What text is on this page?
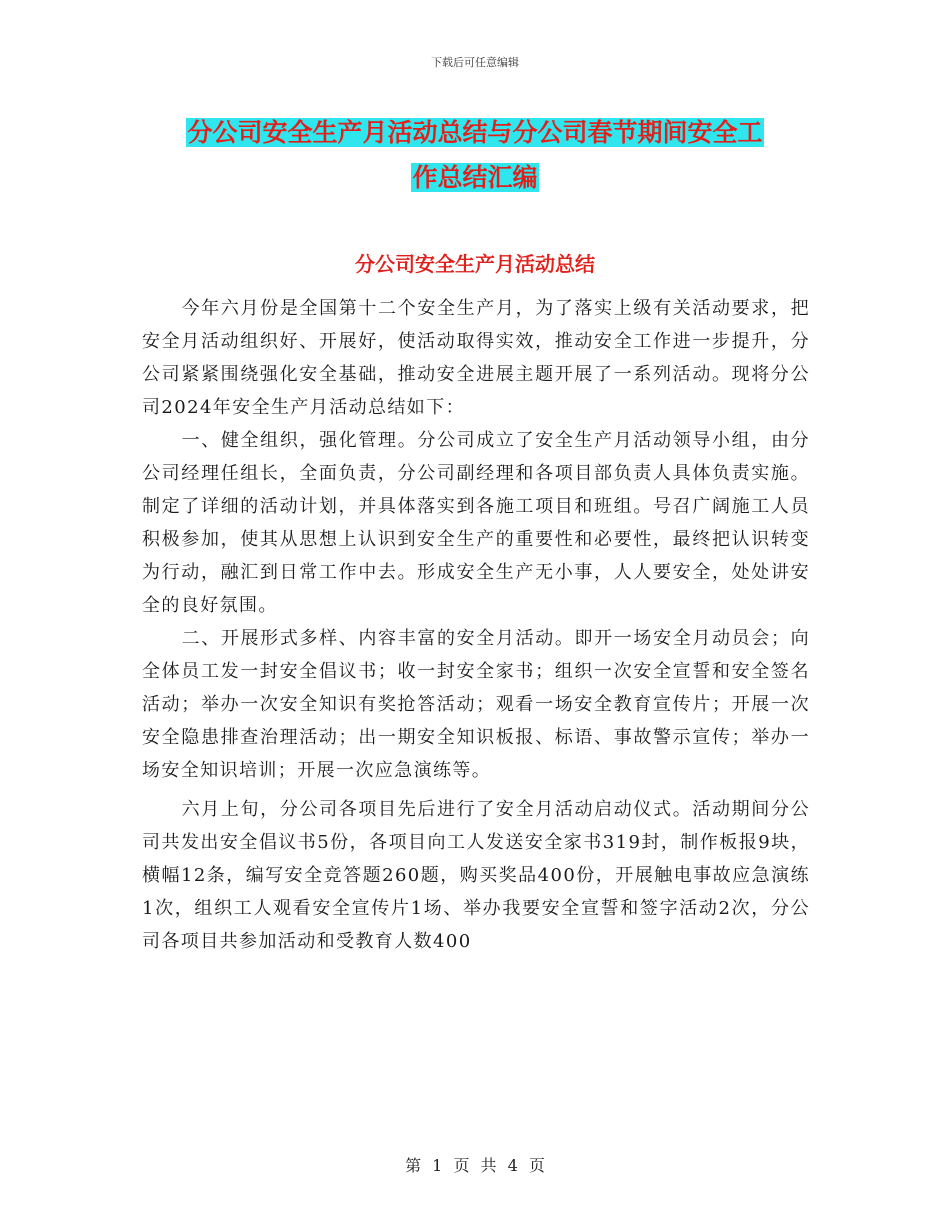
下载后可任意编辑
分公司安全生产月活动总结与分公司春节期间安全工
作总结汇编
分公司安全生产月活动总结

今年六月份是全国第十二个安全生产月，为了落实上级有关活动要求，把安全月活动组织好、开展好，使活动取得实效，推动安全工作进一步提升，分公司紧紧围绕强化安全基础，推动安全进展主题开展了一系列活动。现将分公司2024年安全生产月活动总结如下：

一、健全组织，强化管理。分公司成立了安全生产月活动领导小组，由分公司经理任组长，全面负责，分公司副经理和各项目部负责人具体负责实施。制定了详细的活动计划，并具体落实到各施工项目和班组。号召广阔施工人员积极参加，使其从思想上认识到安全生产的重要性和必要性，最终把认识转变为行动，融汇到日常工作中去。形成安全生产无小事，人人要安全，处处讲安全的良好氛围。

二、开展形式多样、内容丰富的安全月活动。即开一场安全月动员会；向全体员工发一封安全倡议书；收一封安全家书；组织一次安全宣誓和安全签名活动；举办一次安全知识有奖抢答活动；观看一场安全教育宣传片；开展一次安全隐患排查治理活动；出一期安全知识板报、标语、事故警示宣传；举办一场安全知识培训；开展一次应急演练等。

六月上旬，分公司各项目先后进行了安全月活动启动仪式。活动期间分公司共发出安全倡议书5份，各项目向工人发送安全家书319封，制作板报9块，横幅12条，编写安全竞答题260题，购买奖品400份，开展触电事故应急演练1次，组织工人观看安全宣传片1场、举办我要安全宣誓和签字活动2次，分公司各项目共参加活动和受教育人数400

第 1 页 共 4 页
